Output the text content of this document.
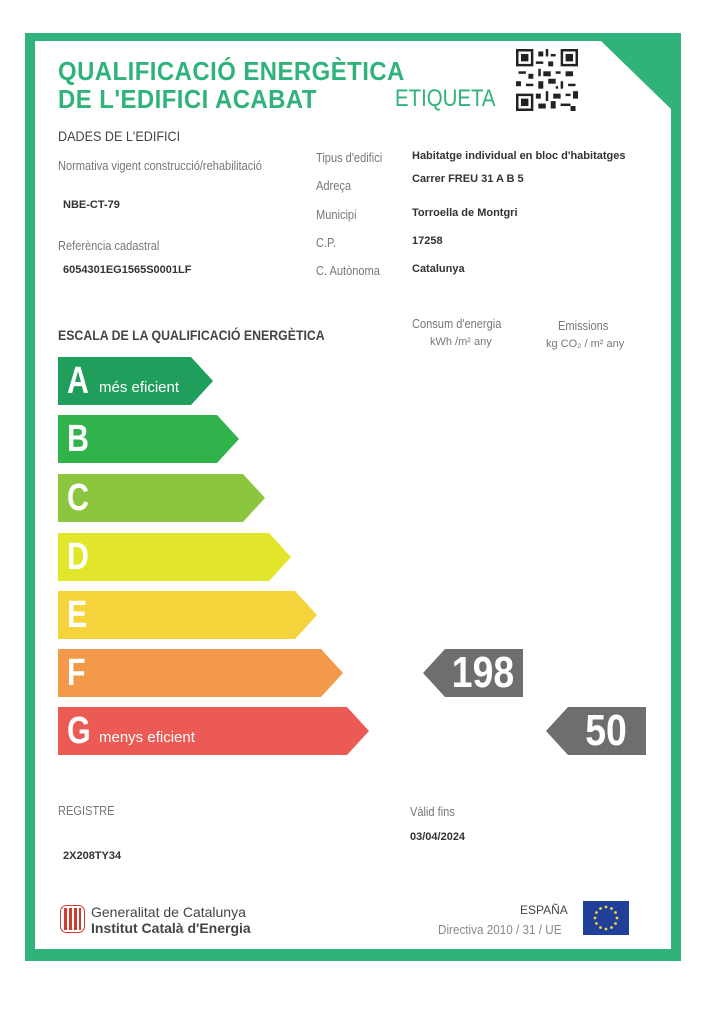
QUALIFICACIÓ ENERGÈTICA
DE L'EDIFICI ACABAT	ETIQUETA
DADES DE L'EDIFICI
Normativa vigent construcció/rehabilitació
NBE-CT-79
Referència cadastral
6054301EG1565S0001LF
Tipus d'edifici	Habitatge individual en bloc d'habitatges
Adreça	Carrer FREU 31 A B 5
Municipi	Torroella de Montgri
C.P.	17258
C. Autònoma	Catalunya
ESCALA DE LA QUALIFICACIÓ ENERGÈTICA
Consum d'energia
kWh /m² any
Emissions
kg CO₂ / m² any
A més eficient
B
C
D
E
F
G menys eficient
198
50
REGISTRE
2X208TY34
Vàlid fins
03/04/2024
Generalitat de Catalunya
Institut Català d'Energia
ESPAÑA
Directiva 2010 / 31 / UE
